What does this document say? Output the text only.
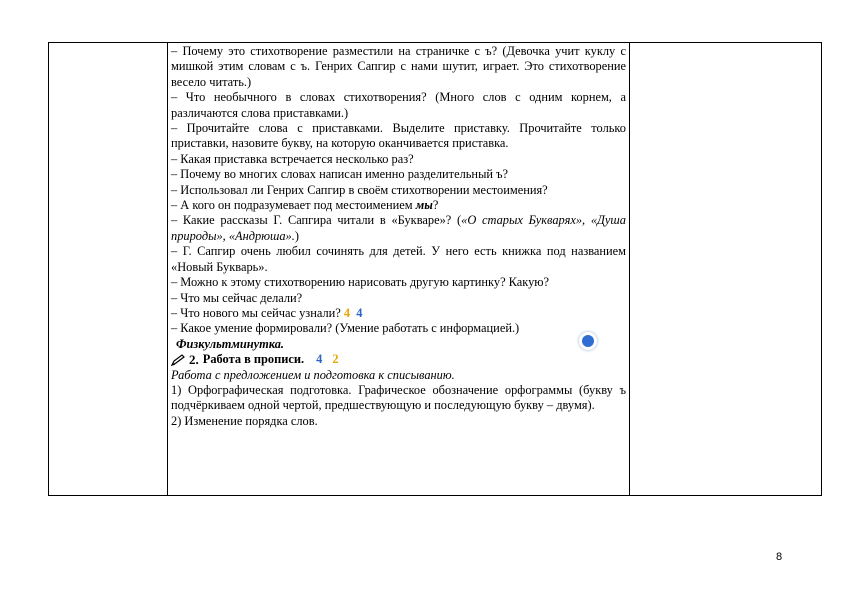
– Почему это стихотворение разместили на страничке с ъ? (Девочка учит куклу с мишкой этим словам с ъ. Генрих Сапгир с нами шутит, играет. Это стихотворение весело читать.)

– Что необычного в словах стихотворения? (Много слов с одним корнем, а различаются слова приставками.)

– Прочитайте слова с приставками. Выделите приставку. Прочитайте только приставки, назовите букву, на которую оканчивается приставка.

– Какая приставка встречается несколько раз?

– Почему во многих словах написан именно разделительный ъ?

– Использовал ли Генрих Сапгир в своём стихотворении местоимения?

– А кого он подразумевает под местоимением мы?

– Какие рассказы Г. Сапгира читали в «Букваре»? («О старых Букварях», «Душа природы», «Андрюша».)

– Г. Сапгир очень любил сочинять для детей. У него есть книжка под названием «Новый Букварь».

– Можно к этому стихотворению нарисовать другую картинку? Какую?

– Что мы сейчас делали?

– Что нового мы сейчас узнали? 4 4

– Какое умение формировали? (Умение работать с информацией.)

Физкультминутка.

2. Работа в прописи. 4 2

Работа с предложением и подготовка к списыванию.

1) Орфографическая подготовка. Графическое обозначение орфограммы (букву ъ подчёркиваем одной чертой, предшествующую и последующую букву – двумя).

2) Изменение порядка слов.

8
